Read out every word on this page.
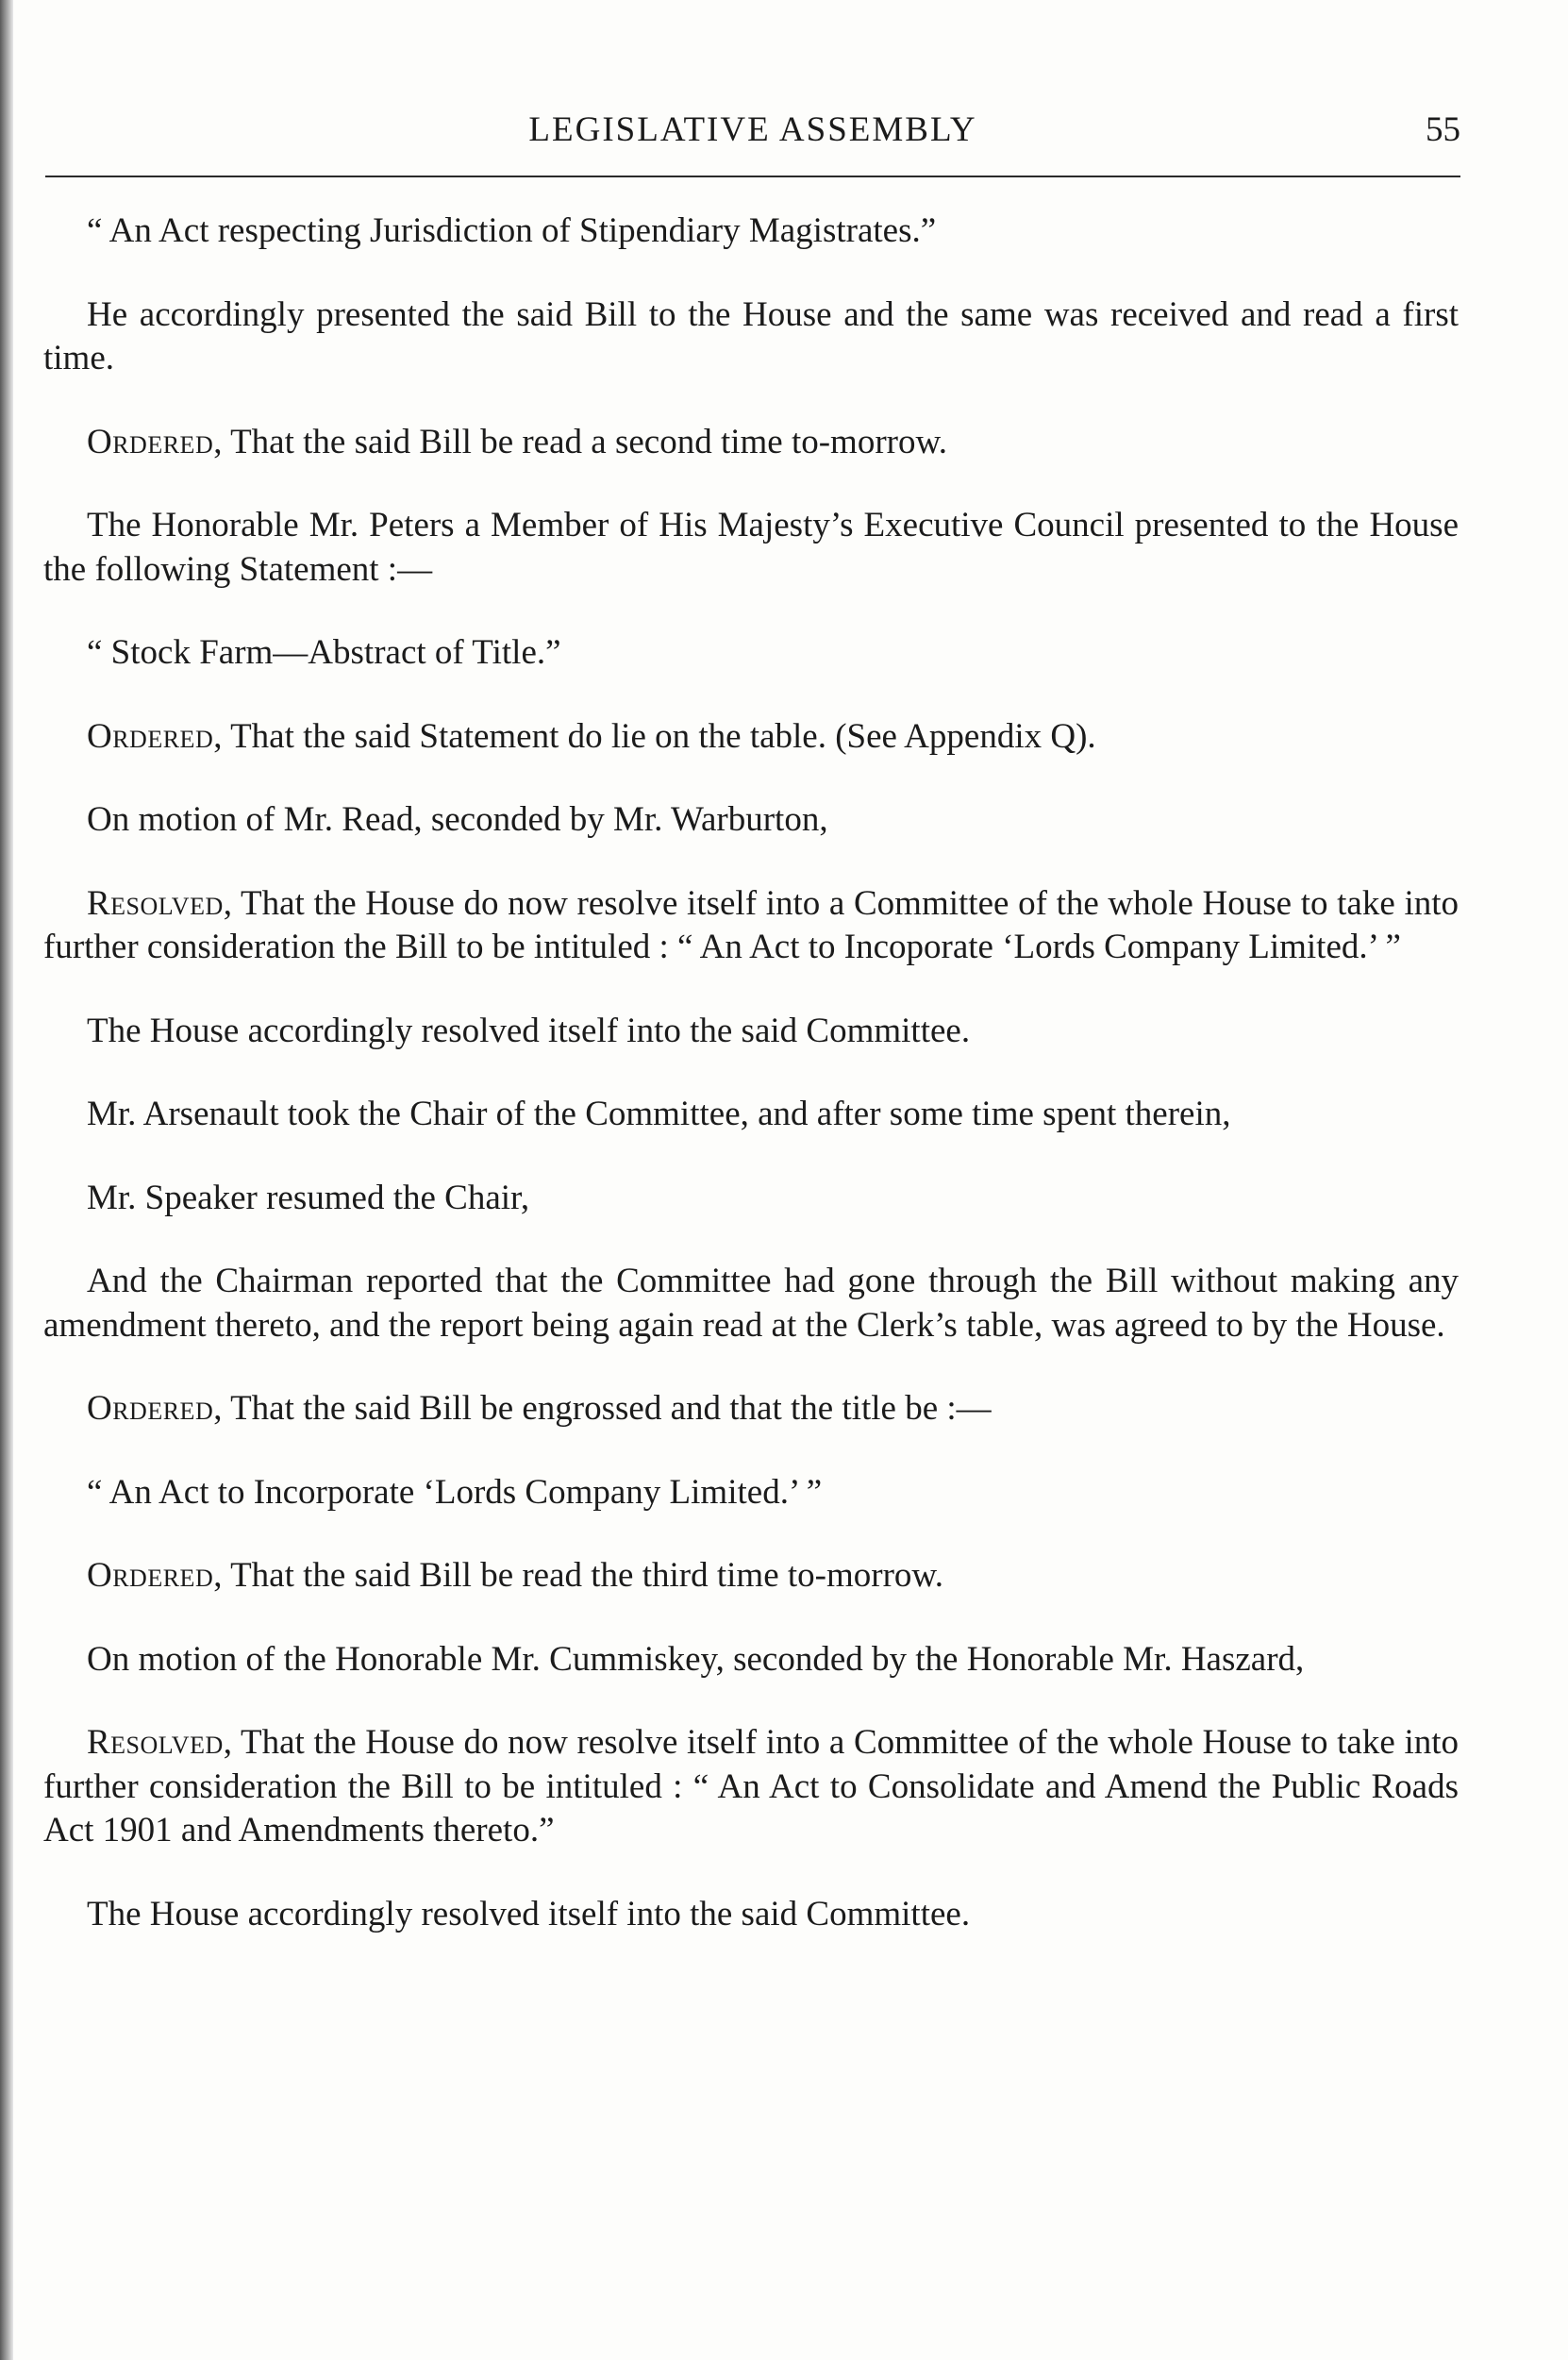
LEGISLATIVE ASSEMBLY	55

“ An Act respecting Jurisdiction of Stipendiary Magistrates.”

He accordingly presented the said Bill to the House and the same was received and read a first time.

Ordered, That the said Bill be read a second time to-morrow.

The Honorable Mr. Peters a Member of His Majesty’s Executive Council presented to the House the following Statement :—

“ Stock Farm—Abstract of Title.”

Ordered, That the said Statement do lie on the table. (See Appendix Q).

On motion of Mr. Read, seconded by Mr. Warburton,

Resolved, That the House do now resolve itself into a Committee of the whole House to take into further consideration the Bill to be intituled : “ An Act to Incoporate ‘Lords Company Limited.’ ”

The House accordingly resolved itself into the said Committee.

Mr. Arsenault took the Chair of the Committee, and after some time spent therein,

Mr. Speaker resumed the Chair,

And the Chairman reported that the Committee had gone through the Bill without making any amendment thereto, and the report being again read at the Clerk’s table, was agreed to by the House.

Ordered, That the said Bill be engrossed and that the title be :—

“ An Act to Incorporate ‘Lords Company Limited.’ ”

Ordered, That the said Bill be read the third time to-morrow.

On motion of the Honorable Mr. Cummiskey, seconded by the Honorable Mr. Haszard,

Resolved, That the House do now resolve itself into a Committee of the whole House to take into further consideration the Bill to be intituled : “ An Act to Consolidate and Amend the Public Roads Act 1901 and Amendments thereto.”

The House accordingly resolved itself into the said Committee.
